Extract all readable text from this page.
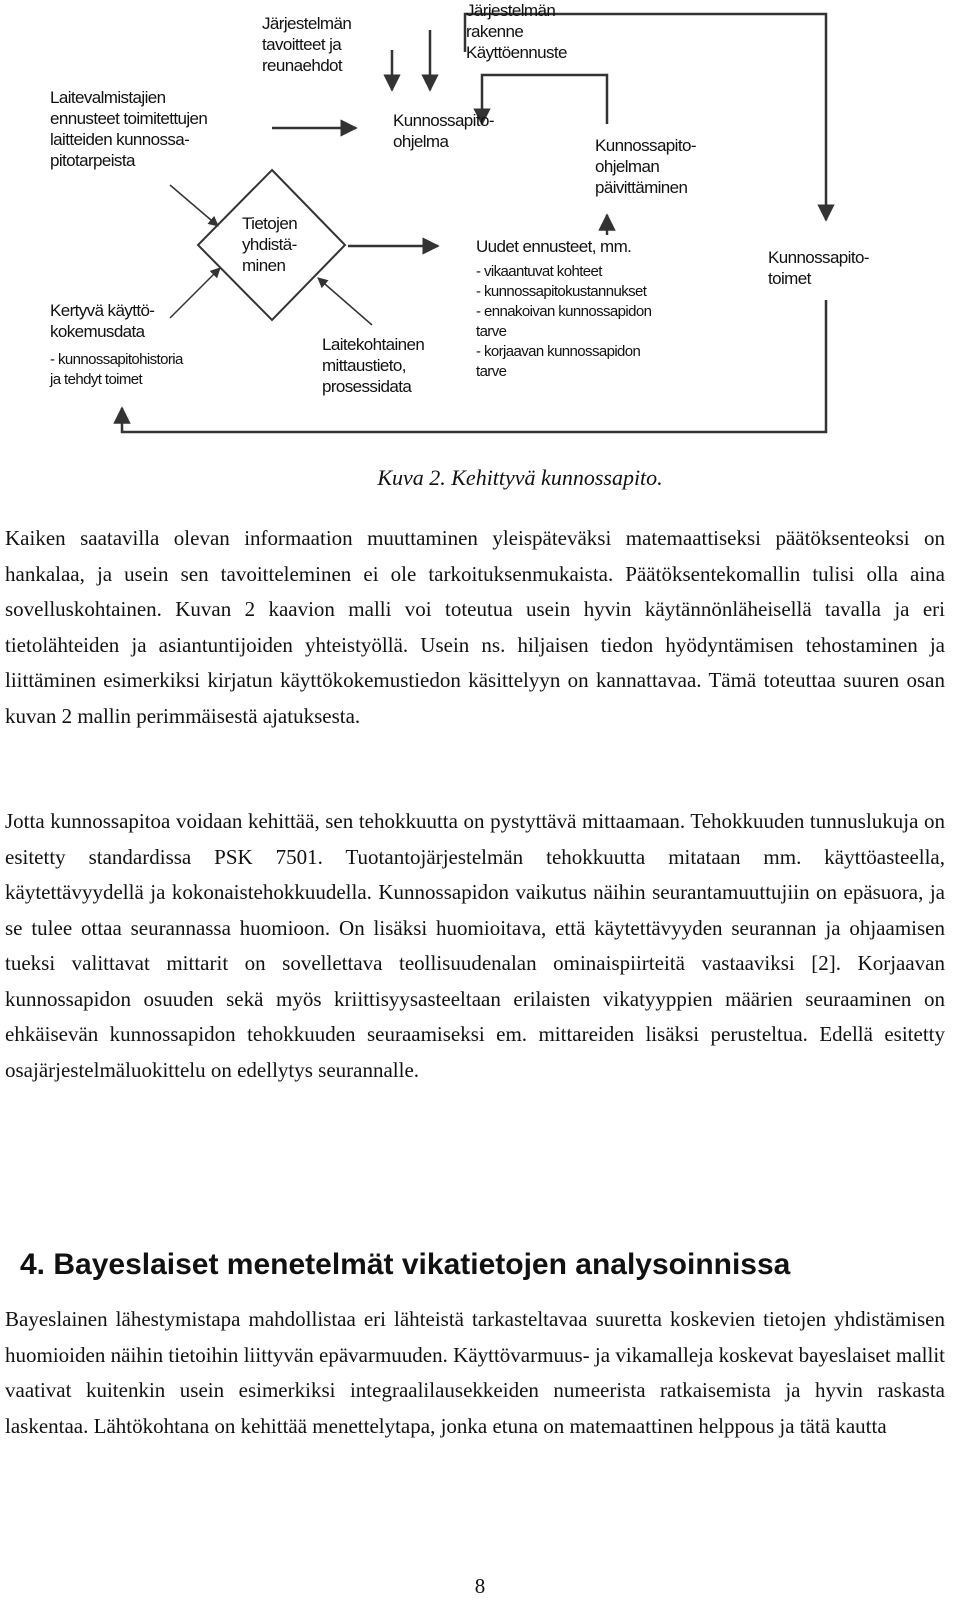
Laitevalmistajien
ennusteet toimitettujen
laitteiden kunnossa-
pitotarpeista

Järjestelmän
tavoitteet ja
reunaehdot

Järjestelmän
rakenne
Käyttöennuste

Kunnossapito-
ohjelma	Kunnossapito-
ohjelman
päivittäminen

Tietojen
yhdistä-
minen

Kertyvä käyttö-
kokemusdata

- kunnossapitohistoria
ja tehdyt toimet

Laitekohtainen
mittaustieto,
prosessidata

Uudet ennusteet, mm.

- vikaantuvat kohteet
- kunnossapitokustannukset
- ennakoivan kunnossapidon
tarve
- korjaavan kunnossapidon
tarve

Kunnossapito-
toimet

Kuva 2. Kehittyvä kunnossapito.

Kaiken saatavilla olevan informaation muuttaminen yleispäteväksi matemaattiseksi päätöksenteoksi on hankalaa, ja usein sen tavoitteleminen ei ole tarkoituksenmukaista. Päätöksentekomallin tulisi olla aina sovelluskohtainen. Kuvan 2 kaavion malli voi toteutua usein hyvin käytännönläheisellä tavalla ja eri tietolähteiden ja asiantuntijoiden yhteistyöllä. Usein ns. hiljaisen tiedon hyödyntämisen tehostaminen ja liittäminen esimerkiksi kirjatun käyttökokemustiedon käsittelyyn on kannattavaa. Tämä toteuttaa suuren osan kuvan 2 mallin perimmäisestä ajatuksesta.

Jotta kunnossapitoa voidaan kehittää, sen tehokkuutta on pystyttävä mittaamaan. Tehokkuuden tunnuslukuja on esitetty standardissa PSK 7501. Tuotantojärjestelmän tehokkuutta mitataan mm. käyttöasteella, käytettävyydellä ja kokonaistehokkuudella. Kunnossapidon vaikutus näihin seurantamuuttujiin on epäsuora, ja se tulee ottaa seurannassa huomioon. On lisäksi huomioitava, että käytettävyyden seurannan ja ohjaamisen tueksi valittavat mittarit on sovellettava teollisuudenalan ominaispiirteitä vastaaviksi [2]. Korjaavan kunnossapidon osuuden sekä myös kriittisyysasteeltaan erilaisten vikatyyppien määrien seuraaminen on ehkäisevän kunnossapidon tehokkuuden seuraamiseksi em. mittareiden lisäksi perusteltua. Edellä esitetty osajärjestelmäluokittelu on edellytys seurannalle.

4. Bayeslaiset menetelmät vikatietojen analysoinnissa

Bayeslainen lähestymistapa mahdollistaa eri lähteistä tarkasteltavaa suuretta koskevien tietojen yhdistämisen huomioiden näihin tietoihin liittyvän epävarmuuden. Käyttövarmuus- ja vikamalleja koskevat bayeslaiset mallit vaativat kuitenkin usein esimerkiksi integraalilausekkeiden numeerista ratkaisemista ja hyvin raskasta laskentaa. Lähtökohtana on kehittää menettelytapa, jonka etuna on matemaattinen helppous ja tätä kautta

8
